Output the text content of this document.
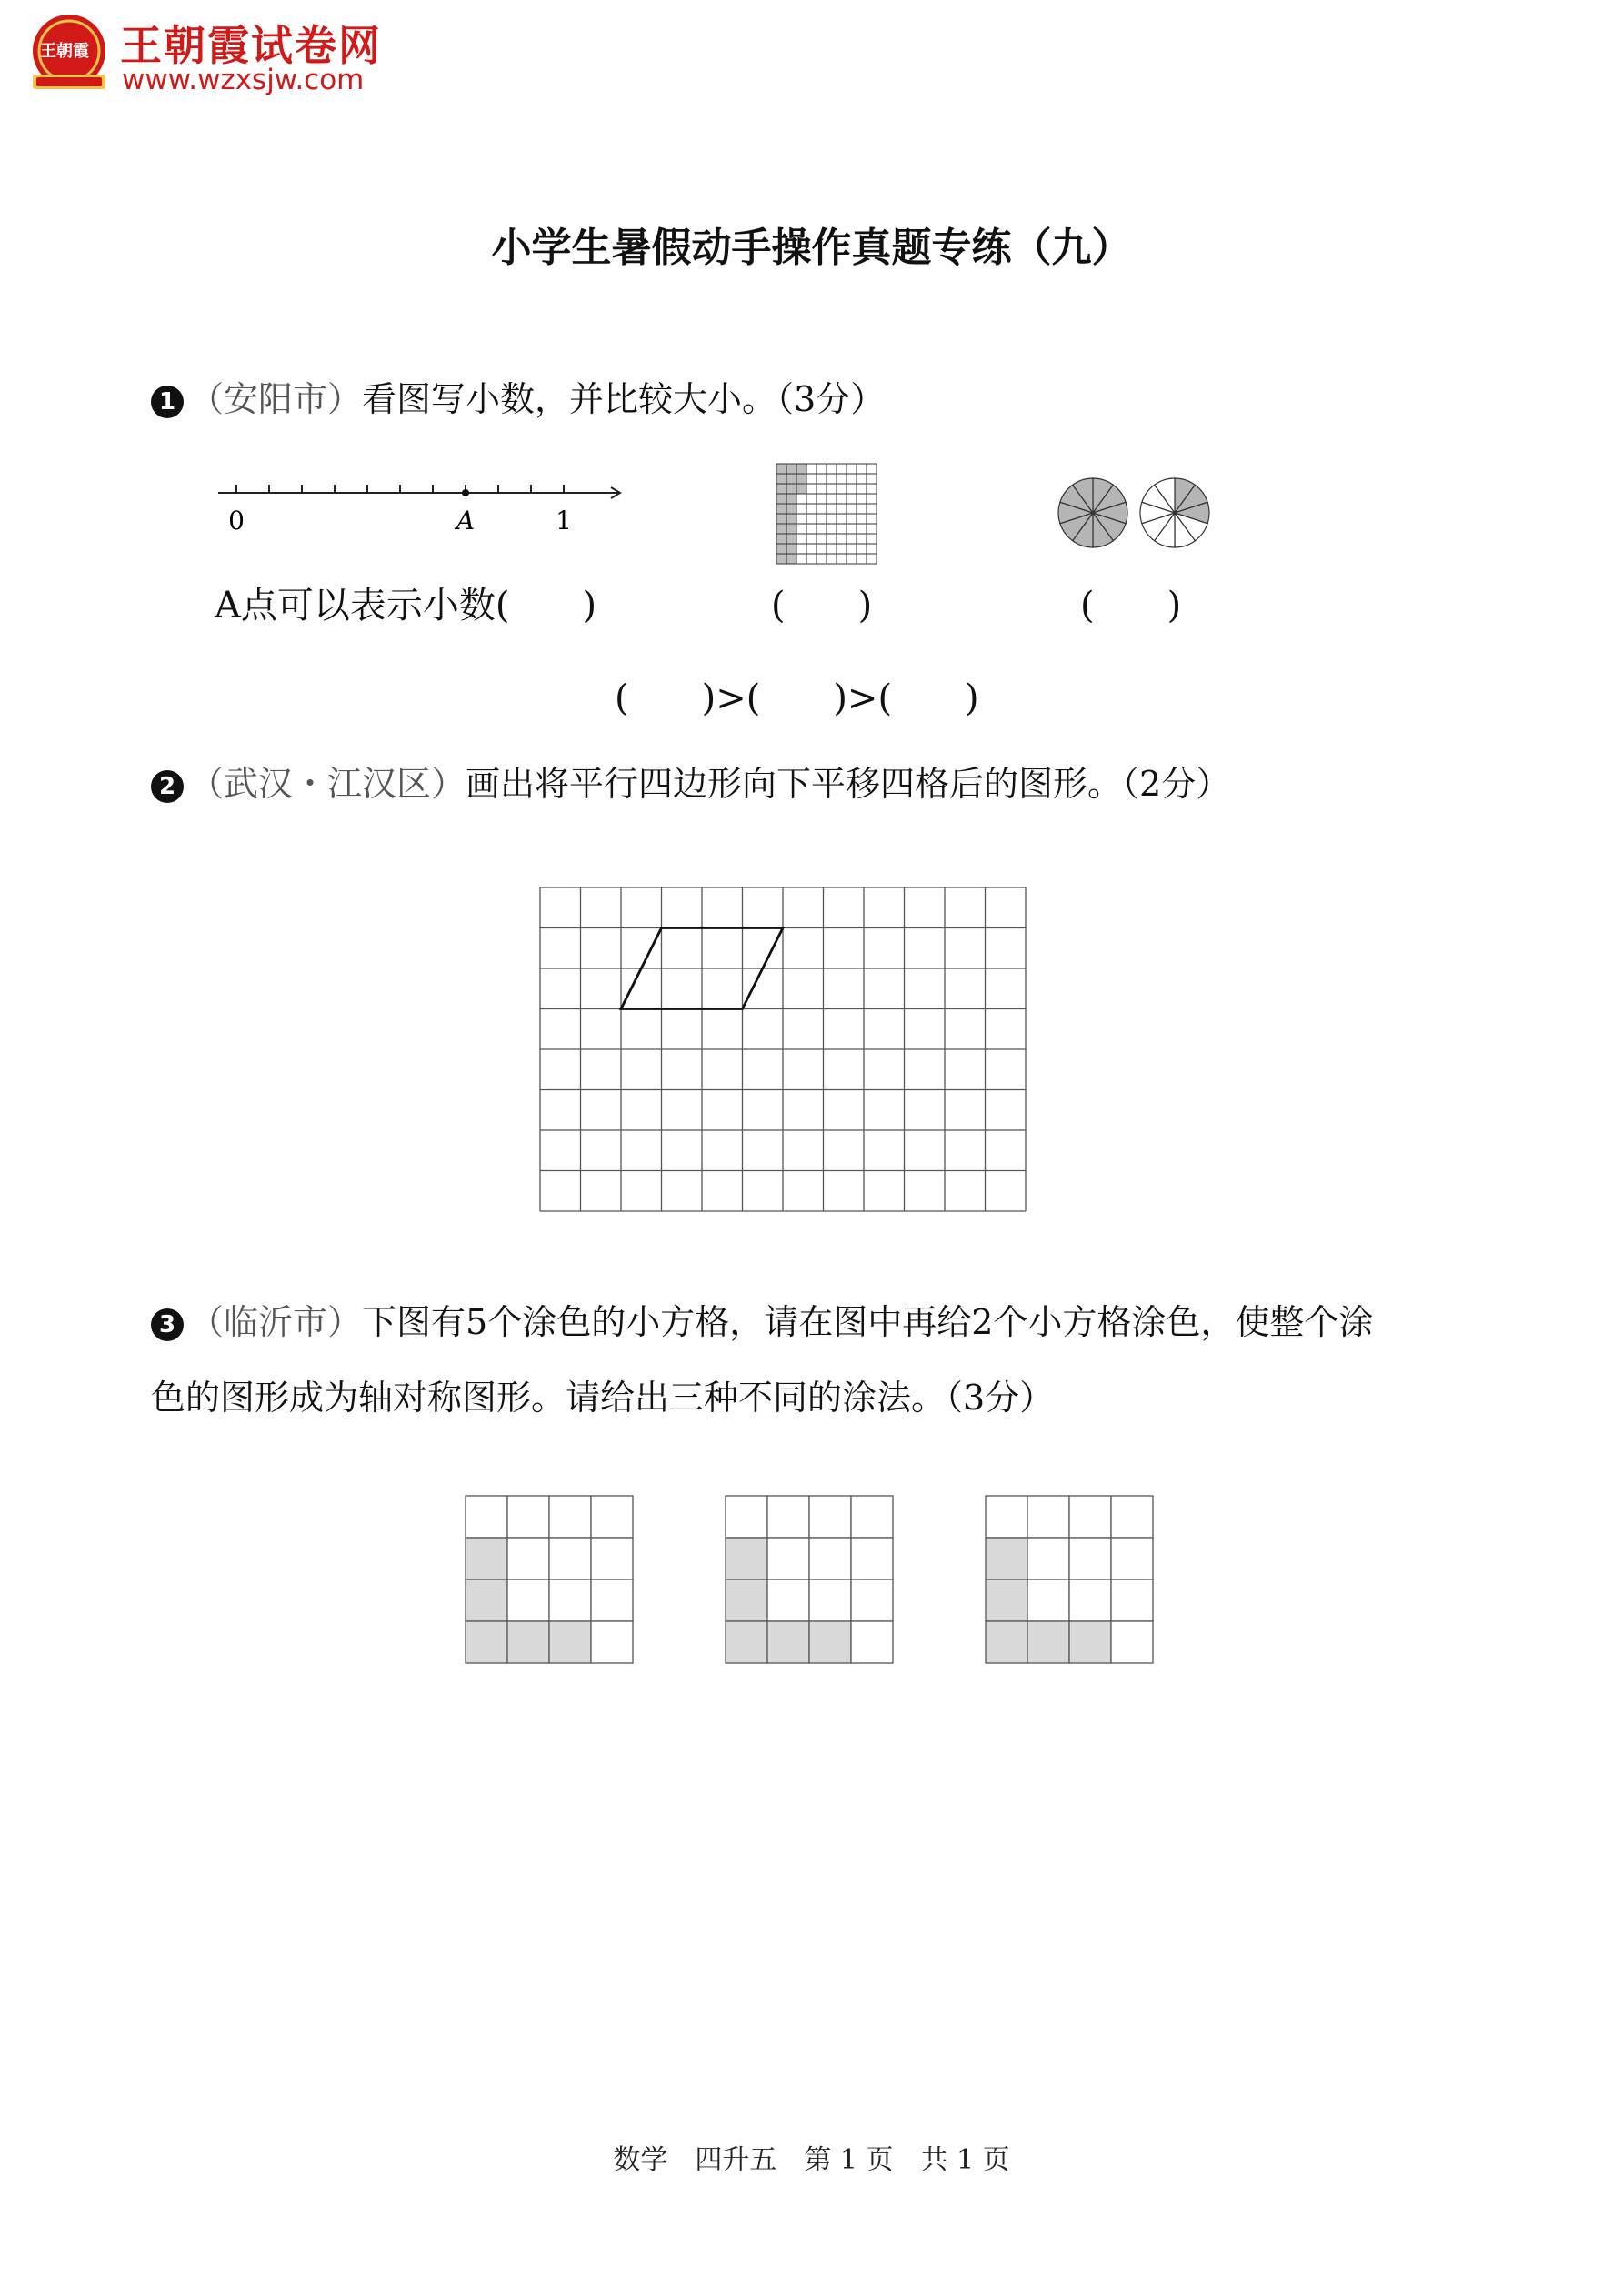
王朝霞 王朝霞试卷网
www.wzxsjw.com
小学生暑假动手操作真题专练（九）
1 （安阳市）看图写小数，并比较大小。（3分）
0	A	1
A点可以表示小数(　　)	(　　)	(　　)
(　　)>(　　)>(　　)
2 （武汉・江汉区）画出将平行四边形向下平移四格后的图形。（2分）
3 （临沂市）下图有5个涂色的小方格，请在图中再给2个小方格涂色，使整个涂
色的图形成为轴对称图形。请给出三种不同的涂法。（3分）
数学　四升五　第 1 页　共 1 页
